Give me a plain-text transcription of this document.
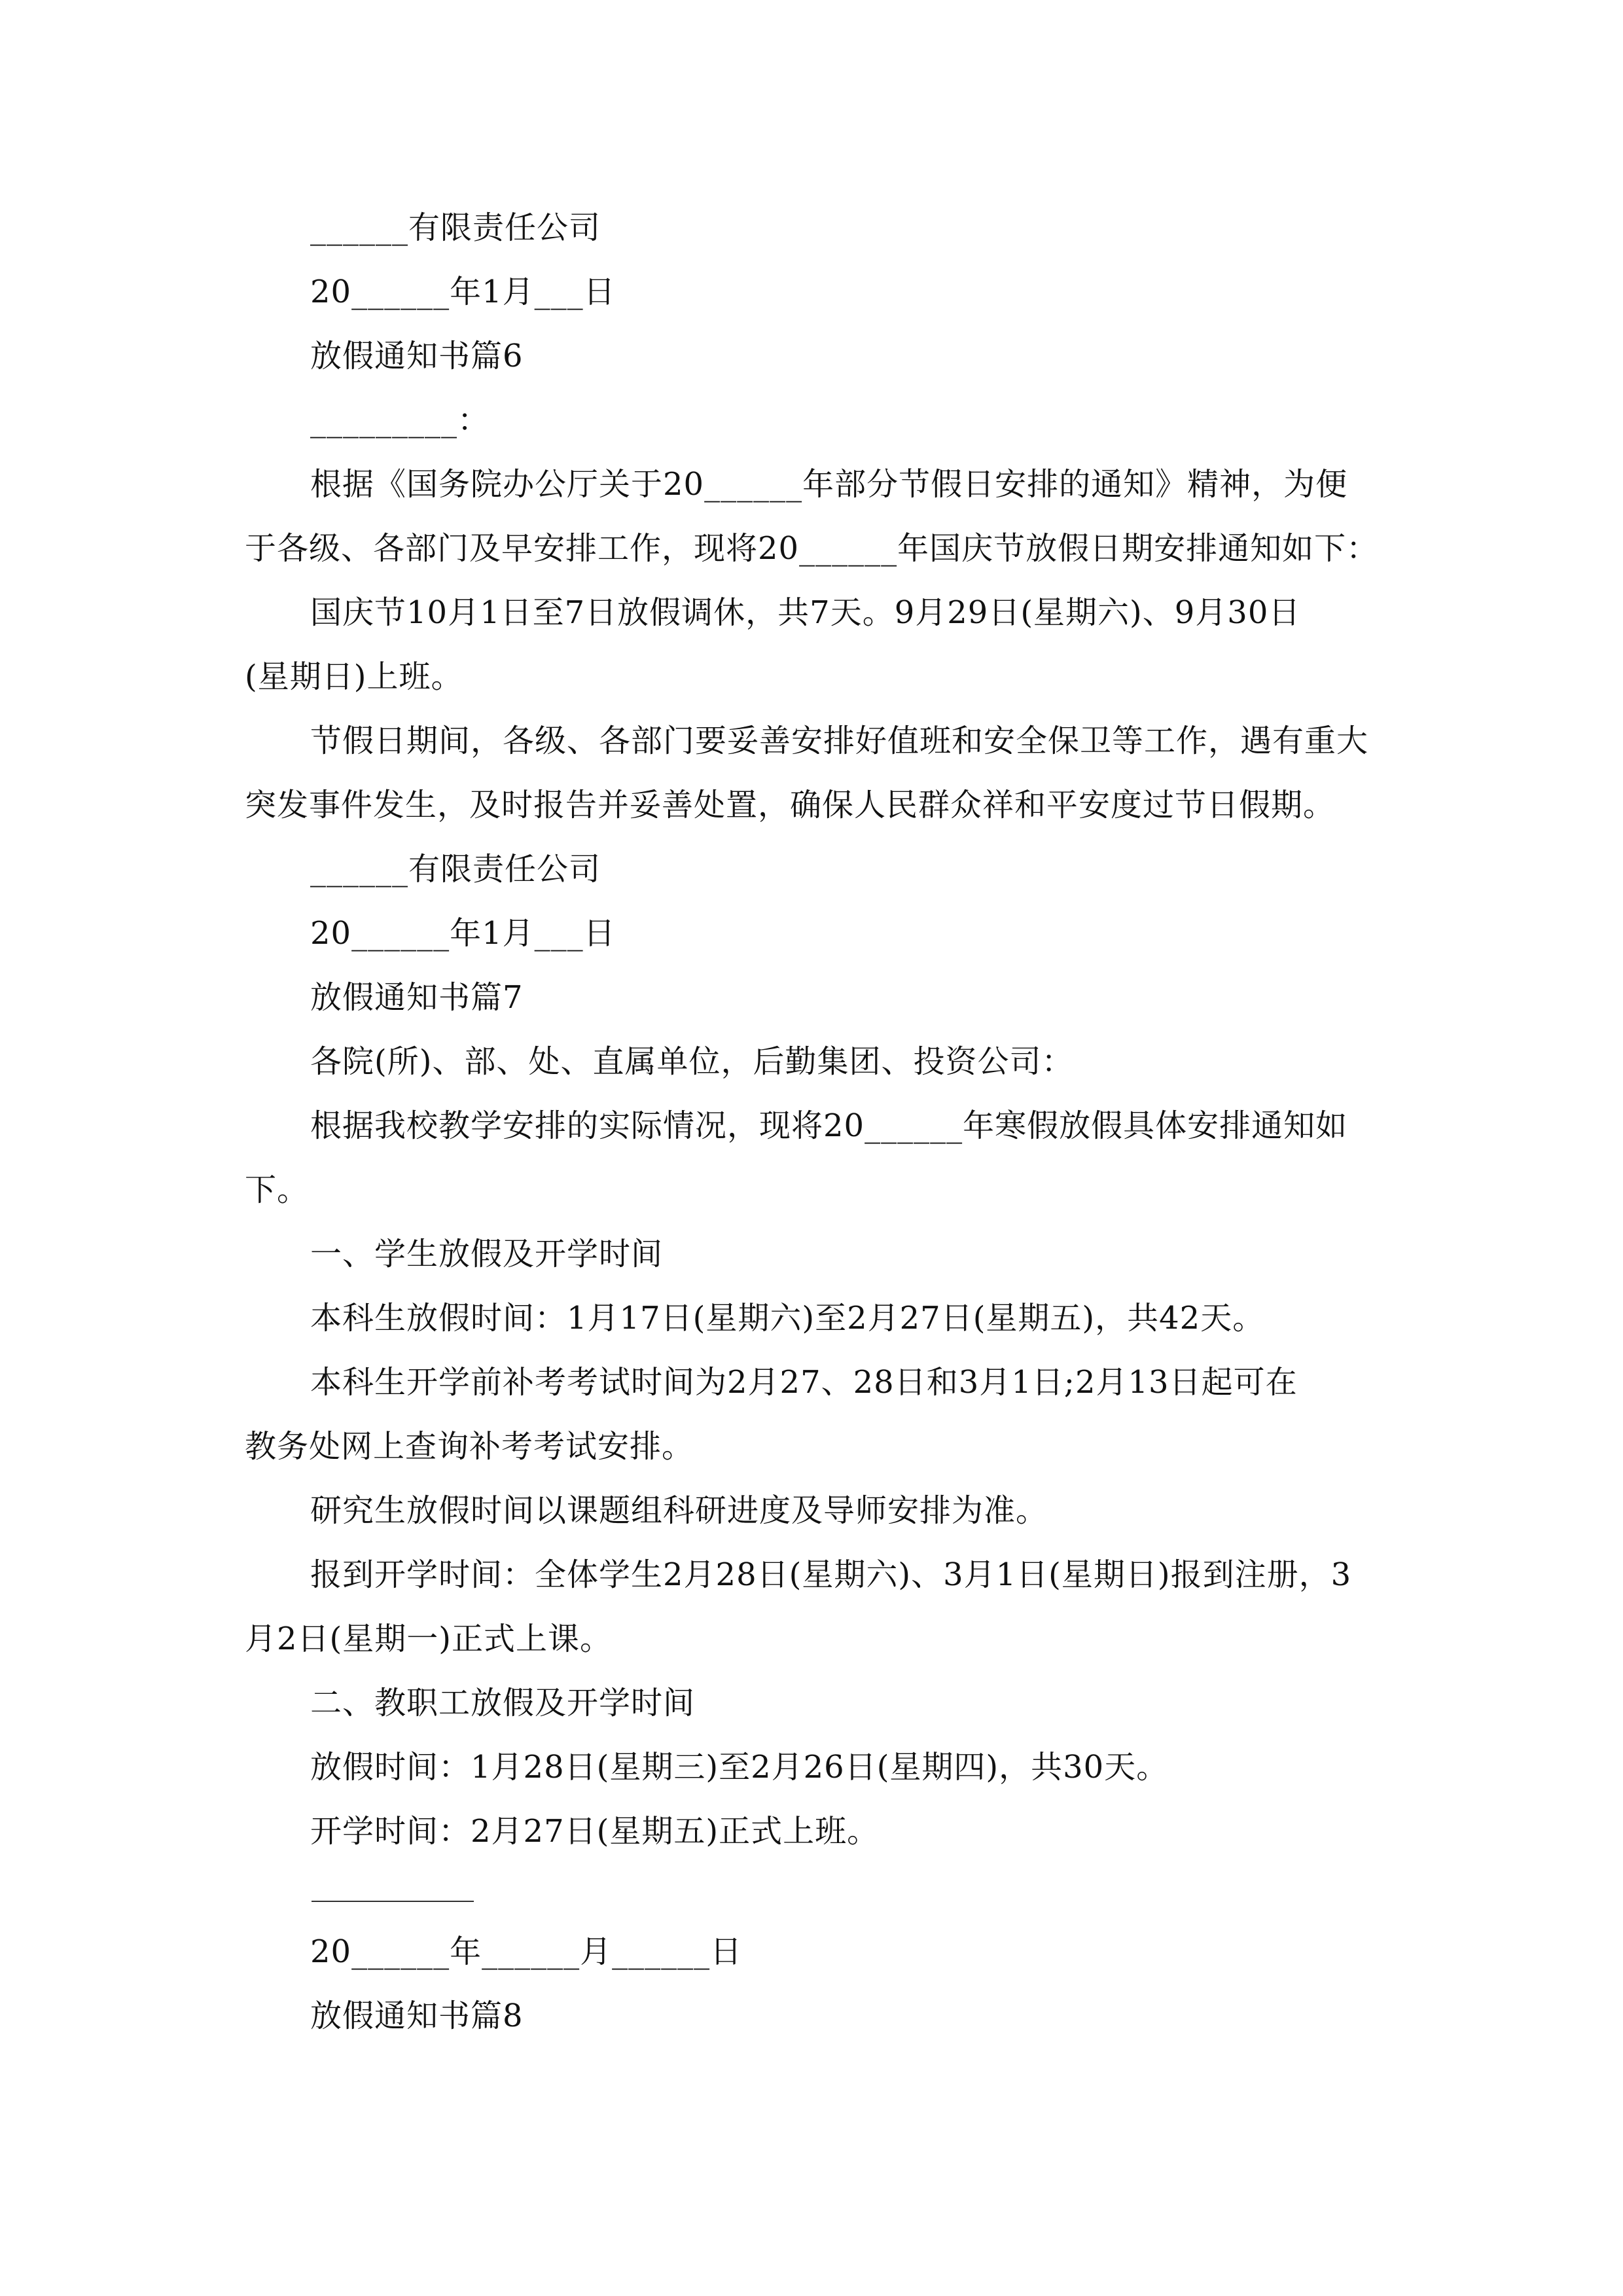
______有限责任公司
20______年1月___日
放假通知书篇6
_________：
根据《国务院办公厅关于20______年部分节假日安排的通知》精神，为便
于各级、各部门及早安排工作，现将20______年国庆节放假日期安排通知如下：
国庆节10月1日至7日放假调休，共7天。9月29日(星期六)、9月30日
(星期日)上班。
节假日期间，各级、各部门要妥善安排好值班和安全保卫等工作，遇有重大
突发事件发生，及时报告并妥善处置，确保人民群众祥和平安度过节日假期。
______有限责任公司
20______年1月___日
放假通知书篇7
各院(所)、部、处、直属单位，后勤集团、投资公司：
根据我校教学安排的实际情况，现将20______年寒假放假具体安排通知如
下。
一、学生放假及开学时间
本科生放假时间：1月17日(星期六)至2月27日(星期五)，共42天。
本科生开学前补考考试时间为2月27、28日和3月1日;2月13日起可在
教务处网上查询补考考试安排。
研究生放假时间以课题组科研进度及导师安排为准。
报到开学时间：全体学生2月28日(星期六)、3月1日(星期日)报到注册，3
月2日(星期一)正式上课。
二、教职工放假及开学时间
放假时间：1月28日(星期三)至2月26日(星期四)，共30天。
开学时间：2月27日(星期五)正式上班。
20______年______月______日
放假通知书篇8
